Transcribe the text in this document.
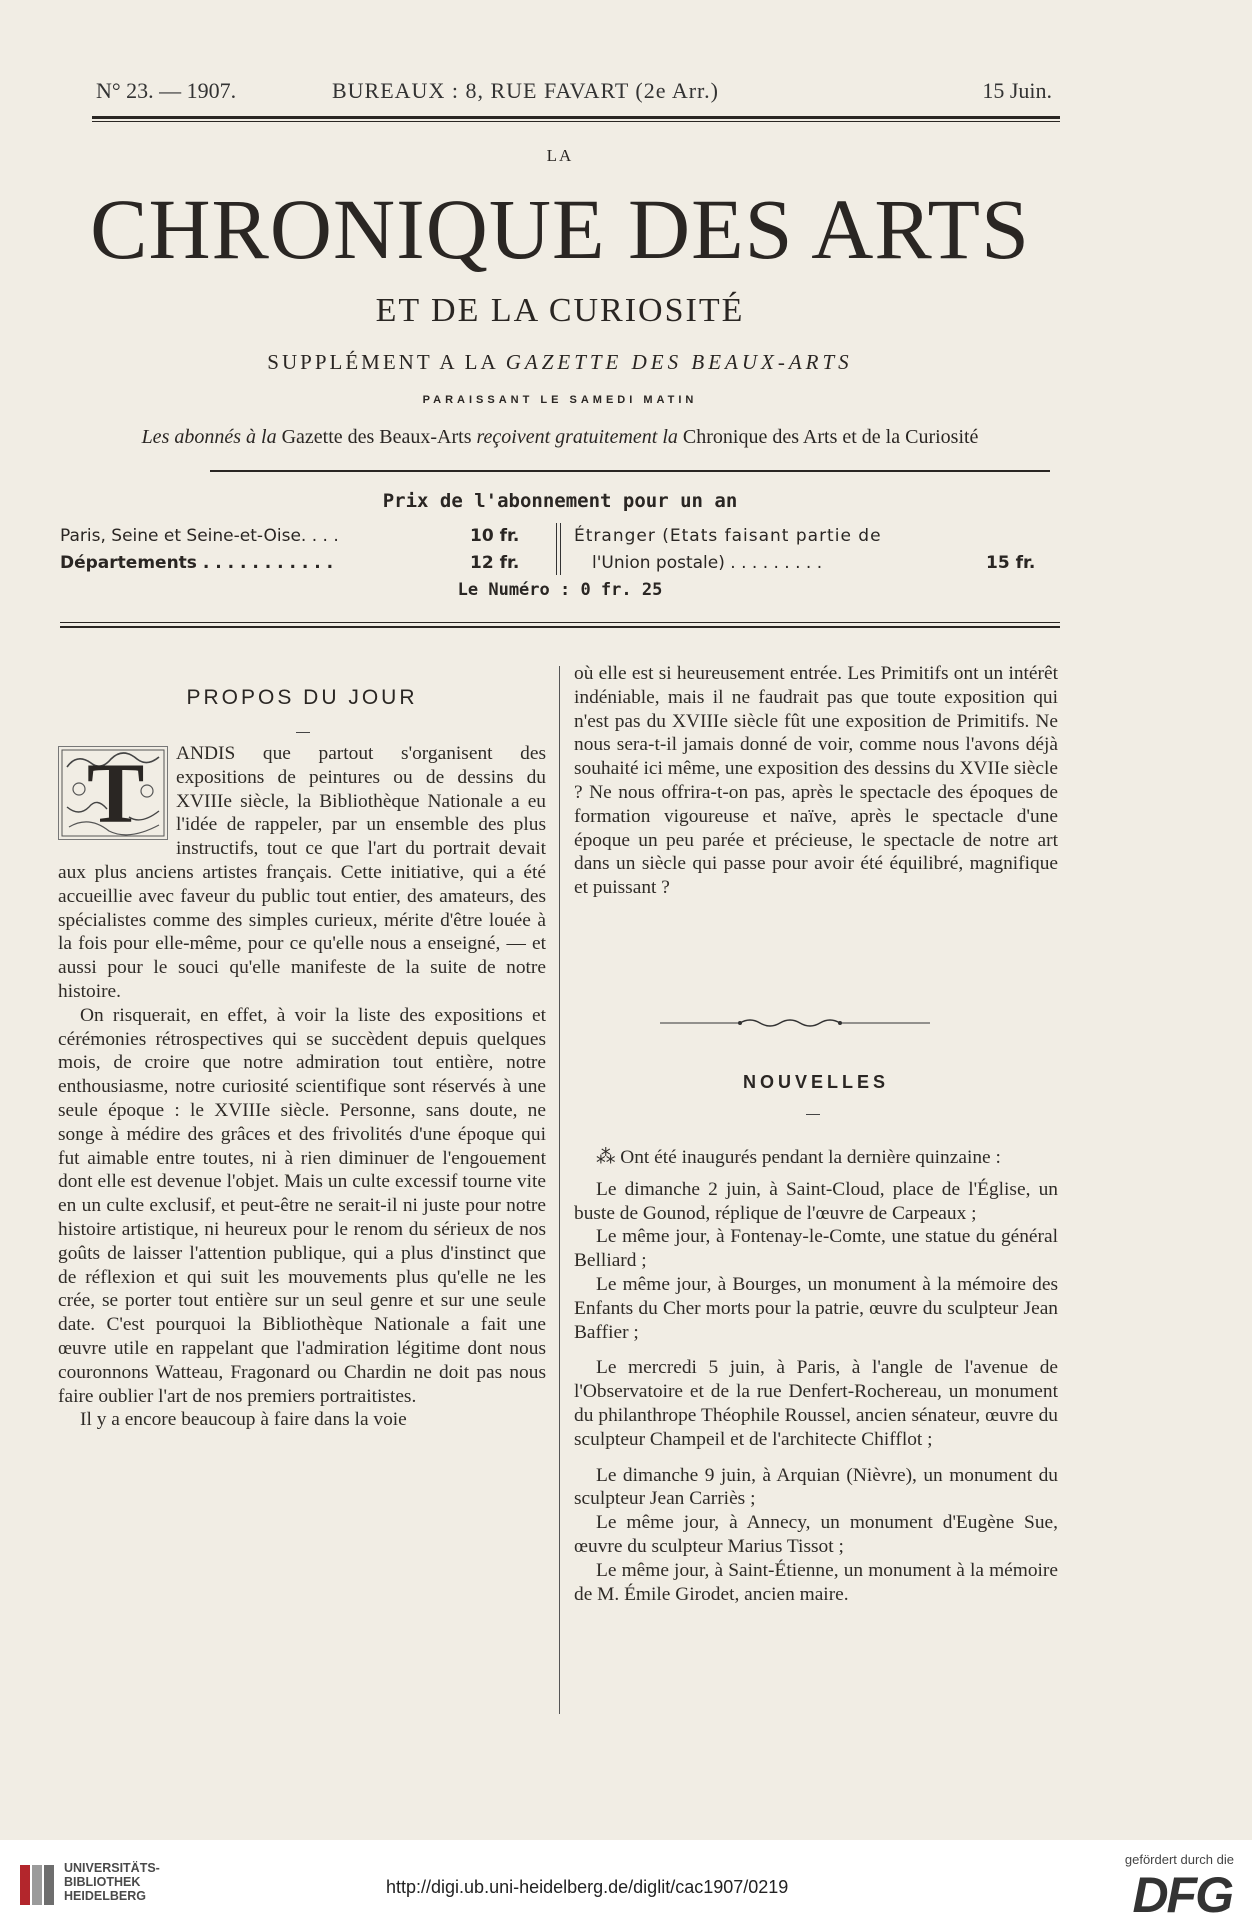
N° 23. — 1907.	BUREAUX : 8, RUE FAVART (2e Arr.)	15 Juin.
LA
CHRONIQUE DES ARTS
ET DE LA CURIOSITÉ
SUPPLÉMENT A LA GAZETTE DES BEAUX-ARTS
PARAISSANT LE SAMEDI MATIN
Les abonnés à la Gazette des Beaux-Arts reçoivent gratuitement la Chronique des Arts et de la Curiosité
Prix de l'abonnement pour un an
Paris, Seine et Seine-et-Oise. . . .	10 fr.
Départements . . . . . . . . . . .	12 fr.
Étranger (Etats faisant partie de
l'Union postale) . . . . . . . . .	15 fr.
Le Numéro : 0 fr. 25
PROPOS DU JOUR
T	ANDIS que partout s'organisent des expositions de peintures ou de dessins du XVIIIe siècle, la Bibliothèque Nationale a eu l'idée de rappeler, par un ensemble des plus instructifs, tout ce que l'art du portrait devait aux plus anciens artistes français. Cette initiative, qui a été accueillie avec faveur du public tout entier, des amateurs, des spécialistes comme des simples curieux, mérite d'être louée à la fois pour elle-même, pour ce qu'elle nous a enseigné, — et aussi pour le souci qu'elle manifeste de la suite de notre histoire.

On risquerait, en effet, à voir la liste des expositions et cérémonies rétrospectives qui se succèdent depuis quelques mois, de croire que notre admiration tout entière, notre enthousiasme, notre curiosité scientifique sont réservés à une seule époque : le XVIIIe siècle. Personne, sans doute, ne songe à médire des grâces et des frivolités d'une époque qui fut aimable entre toutes, ni à rien diminuer de l'engouement dont elle est devenue l'objet. Mais un culte excessif tourne vite en un culte exclusif, et peut-être ne serait-il ni juste pour notre histoire artistique, ni heureux pour le renom du sérieux de nos goûts de laisser l'attention publique, qui a plus d'instinct que de réflexion et qui suit les mouvements plus qu'elle ne les crée, se porter tout entière sur un seul genre et sur une seule date. C'est pourquoi la Bibliothèque Nationale a fait une œuvre utile en rappelant que l'admiration légitime dont nous couronnons Watteau, Fragonard ou Chardin ne doit pas nous faire oublier l'art de nos premiers portraitistes.

Il y a encore beaucoup à faire dans la voie

où elle est si heureusement entrée. Les Primitifs ont un intérêt indéniable, mais il ne faudrait pas que toute exposition qui n'est pas du XVIIIe siècle fût une exposition de Primitifs. Ne nous sera-t-il jamais donné de voir, comme nous l'avons déjà souhaité ici même, une exposition des dessins du XVIIe siècle ? Ne nous offrira-t-on pas, après le spectacle des époques de formation vigoureuse et naïve, après le spectacle d'une époque un peu parée et précieuse, le spectacle de notre art dans un siècle qui passe pour avoir été équilibré, magnifique et puissant ?

NOUVELLES

⁂ Ont été inaugurés pendant la dernière quinzaine :

Le dimanche 2 juin, à Saint-Cloud, place de l'Église, un buste de Gounod, réplique de l'œuvre de Carpeaux ;

Le même jour, à Fontenay-le-Comte, une statue du général Belliard ;

Le même jour, à Bourges, un monument à la mémoire des Enfants du Cher morts pour la patrie, œuvre du sculpteur Jean Baffier ;

Le mercredi 5 juin, à Paris, à l'angle de l'avenue de l'Observatoire et de la rue Denfert-Rochereau, un monument du philanthrope Théophile Roussel, ancien sénateur, œuvre du sculpteur Champeil et de l'architecte Chifflot ;

Le dimanche 9 juin, à Arquian (Nièvre), un monument du sculpteur Jean Carriès ;

Le même jour, à Annecy, un monument d'Eugène Sue, œuvre du sculpteur Marius Tissot ;

Le même jour, à Saint-Étienne, un monument à la mémoire de M. Émile Girodet, ancien maire.

UNIVERSITÄTS-
BIBLIOTHEK
HEIDELBERG	http://digi.ub.uni-heidelberg.de/diglit/cac1907/0219
gefördert durch die
DFG
